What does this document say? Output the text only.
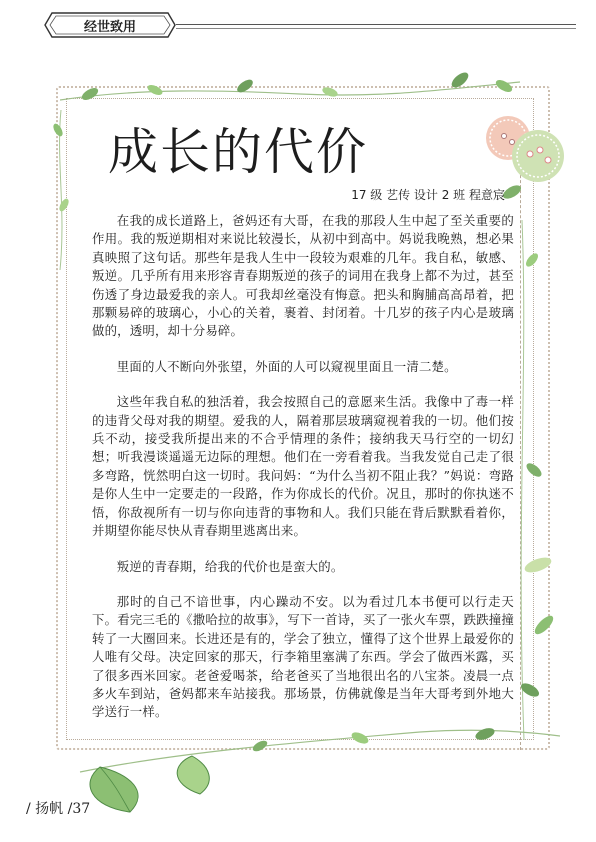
经世致用
成长的代价
17 级 艺传 设计 2 班 程意宸

在我的成长道路上，爸妈还有大哥，在我的那段人生中起了至关重要的作用。我的叛逆期相对来说比较漫长，从初中到高中。妈说我晚熟，想必果真映照了这句话。那些年是我人生中一段较为艰难的几年。我自私，敏感、叛逆。几乎所有用来形容青春期叛逆的孩子的词用在我身上都不为过，甚至伤透了身边最爱我的亲人。可我却丝毫没有悔意。把头和胸脯高高昂着，把那颗易碎的玻璃心，小心的关着，裹着、封闭着。十几岁的孩子内心是玻璃做的，透明，却十分易碎。

里面的人不断向外张望，外面的人可以窥视里面且一清二楚。

这些年我自私的独活着，我会按照自己的意愿来生活。我像中了毒一样的违背父母对我的期望。爱我的人，隔着那层玻璃窥视着我的一切。他们按兵不动，接受我所提出来的不合乎情理的条件；接纳我天马行空的一切幻想；听我漫谈遥遥无边际的理想。他们在一旁看着我。当我发觉自己走了很多弯路，恍然明白这一切时。我问妈：“为什么当初不阻止我？”妈说：弯路是你人生中一定要走的一段路，作为你成长的代价。况且，那时的你执迷不悟，你敌视所有一切与你向违背的事物和人。我们只能在背后默默看着你，并期望你能尽快从青春期里逃离出来。

叛逆的青春期，给我的代价也是蛮大的。

那时的自己不谙世事，内心躁动不安。以为看过几本书便可以行走天下。看完三毛的《撒哈拉的故事》，写下一首诗，买了一张火车票，跌跌撞撞转了一大圈回来。长进还是有的，学会了独立，懂得了这个世界上最爱你的人唯有父母。决定回家的那天，行李箱里塞满了东西。学会了做西米露，买了很多西米回家。老爸爱喝茶，给老爸买了当地很出名的八宝茶。凌晨一点多火车到站，爸妈都来车站接我。那场景，仿佛就像是当年大哥考到外地大学送行一样。

/ 扬帆 /37
